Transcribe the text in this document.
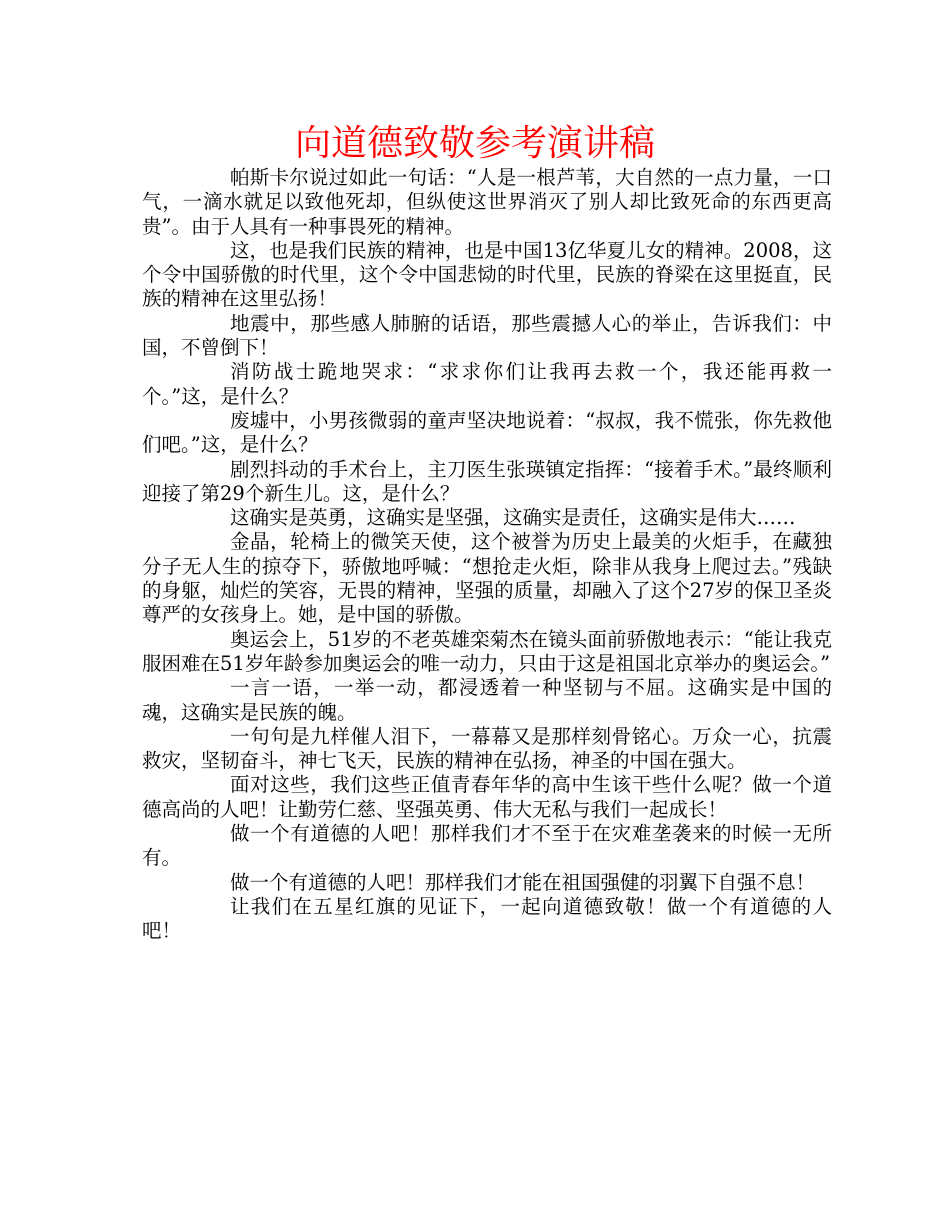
向道德致敬参考演讲稿

帕斯卡尔说过如此一句话：“人是一根芦苇，大自然的一点力量，一口气，一滴水就足以致他死却，但纵使这世界消灭了别人却比致死命的东西更高贵”。由于人具有一种事畏死的精神。

这，也是我们民族的精神，也是中国13亿华夏儿女的精神。2008，这个令中国骄傲的时代里，这个令中国悲恸的时代里，民族的脊梁在这里挺直，民族的精神在这里弘扬！

地震中，那些感人肺腑的话语，那些震撼人心的举止，告诉我们：中国，不曾倒下！

消防战士跪地哭求：“求求你们让我再去救一个，我还能再救一个。”这，是什么？

废墟中，小男孩微弱的童声坚决地说着：“叔叔，我不慌张，你先救他们吧。”这，是什么？

剧烈抖动的手术台上，主刀医生张瑛镇定指挥：“接着手术。”最终顺利迎接了第29个新生儿。这，是什么？

这确实是英勇，这确实是坚强，这确实是责任，这确实是伟大……

金晶，轮椅上的微笑天使，这个被誉为历史上最美的火炬手，在藏独分子无人生的掠夺下，骄傲地呼喊：“想抢走火炬，除非从我身上爬过去。”残缺的身躯，灿烂的笑容，无畏的精神，坚强的质量，却融入了这个27岁的保卫圣炎尊严的女孩身上。她，是中国的骄傲。

奥运会上，51岁的不老英雄栾菊杰在镜头面前骄傲地表示：“能让我克服困难在51岁年龄参加奥运会的唯一动力，只由于这是祖国北京举办的奥运会。”

一言一语，一举一动，都浸透着一种坚韧与不屈。这确实是中国的魂，这确实是民族的魄。

一句句是九样催人泪下，一幕幕又是那样刻骨铭心。万众一心，抗震救灾，坚韧奋斗，神七飞天，民族的精神在弘扬，神圣的中国在强大。

面对这些，我们这些正值青春年华的高中生该干些什么呢？做一个道德高尚的人吧！让勤劳仁慈、坚强英勇、伟大无私与我们一起成长！

做一个有道德的人吧！那样我们才不至于在灾难垄袭来的时候一无所有。

做一个有道德的人吧！那样我们才能在祖国强健的羽翼下自强不息！

让我们在五星红旗的见证下，一起向道德致敬！做一个有道德的人吧！
